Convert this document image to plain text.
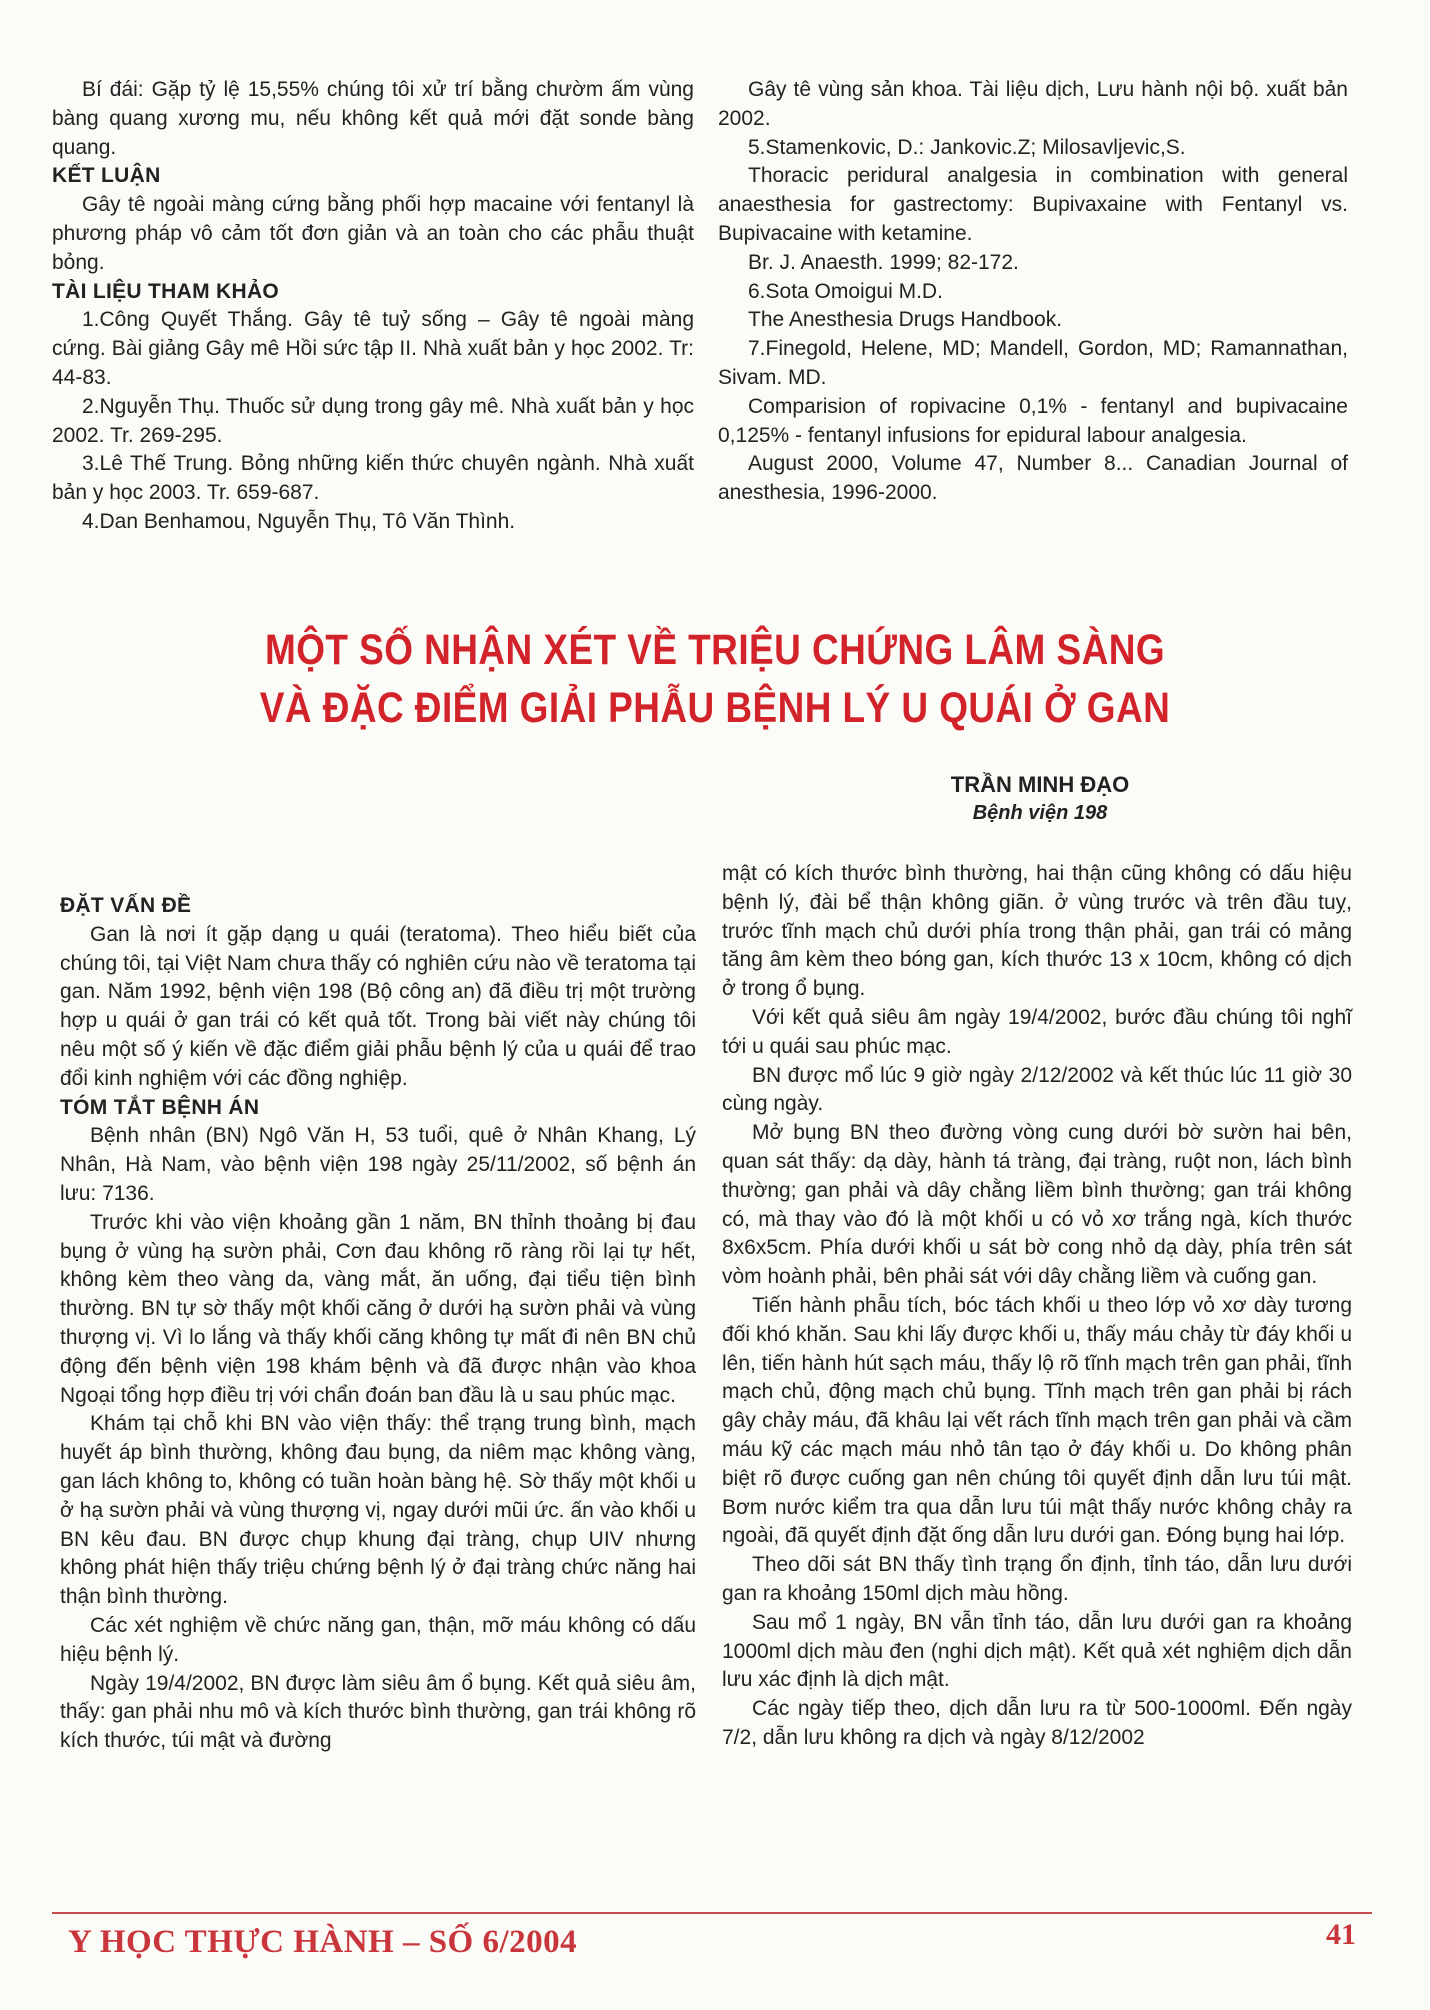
Bí đái: Gặp tỷ lệ 15,55% chúng tôi xử trí bằng chườm ấm vùng bàng quang xương mu, nếu không kết quả mới đặt sonde bàng quang.

KẾT LUẬN

Gây tê ngoài màng cứng bằng phối hợp macaine với fentanyl là phương pháp vô cảm tốt đơn giản và an toàn cho các phẫu thuật bỏng.

TÀI LIỆU THAM KHẢO

1.Công Quyết Thắng. Gây tê tuỷ sống – Gây tê ngoài màng cứng. Bài giảng Gây mê Hồi sức tập II. Nhà xuất bản y học 2002. Tr: 44-83.

2.Nguyễn Thụ. Thuốc sử dụng trong gây mê. Nhà xuất bản y học 2002. Tr. 269-295.

3.Lê Thế Trung. Bỏng những kiến thức chuyên ngành. Nhà xuất bản y học 2003. Tr. 659-687.

4.Dan Benhamou, Nguyễn Thụ, Tô Văn Thình.

Gây tê vùng sản khoa. Tài liệu dịch, Lưu hành nội bộ. xuất bản 2002.

5.Stamenkovic, D.: Jankovic.Z; Milosavljevic,S.

Thoracic peridural analgesia in combination with general anaesthesia for gastrectomy: Bupivaxaine with Fentanyl vs. Bupivacaine with ketamine.

Br. J. Anaesth. 1999; 82-172.

6.Sota Omoigui M.D.

The Anesthesia Drugs Handbook.

7.Finegold, Helene, MD; Mandell, Gordon, MD; Ramannathan, Sivam. MD.

Comparision of ropivacine 0,1% - fentanyl and bupivacaine 0,125% - fentanyl infusions for epidural labour analgesia.

August 2000, Volume 47, Number 8... Canadian Journal of anesthesia, 1996-2000.

MỘT SỐ NHẬN XÉT VỀ TRIỆU CHỨNG LÂM SÀNG
VÀ ĐẶC ĐIỂM GIẢI PHẪU BỆNH LÝ U QUÁI Ở GAN
TRẦN MINH ĐẠO
Bệnh viện 198

ĐẶT VẤN ĐỀ

Gan là nơi ít gặp dạng u quái (teratoma). Theo hiểu biết của chúng tôi, tại Việt Nam chưa thấy có nghiên cứu nào về teratoma tại gan. Năm 1992, bệnh viện 198 (Bộ công an) đã điều trị một trường hợp u quái ở gan trái có kết quả tốt. Trong bài viết này chúng tôi nêu một số ý kiến về đặc điểm giải phẫu bệnh lý của u quái để trao đổi kinh nghiệm với các đồng nghiệp.

TÓM TẮT BỆNH ÁN

Bệnh nhân (BN) Ngô Văn H, 53 tuổi, quê ở Nhân Khang, Lý Nhân, Hà Nam, vào bệnh viện 198 ngày 25/11/2002, số bệnh án lưu: 7136.

Trước khi vào viện khoảng gần 1 năm, BN thỉnh thoảng bị đau bụng ở vùng hạ sườn phải, Cơn đau không rõ ràng rồi lại tự hết, không kèm theo vàng da, vàng mắt, ăn uống, đại tiểu tiện bình thường. BN tự sờ thấy một khối căng ở dưới hạ sườn phải và vùng thượng vị. Vì lo lắng và thấy khối căng không tự mất đi nên BN chủ động đến bệnh viện 198 khám bệnh và đã được nhận vào khoa Ngoại tổng hợp điều trị với chẩn đoán ban đầu là u sau phúc mạc.

Khám tại chỗ khi BN vào viện thấy: thể trạng trung bình, mạch huyết áp bình thường, không đau bụng, da niêm mạc không vàng, gan lách không to, không có tuần hoàn bàng hệ. Sờ thấy một khối u ở hạ sườn phải và vùng thượng vị, ngay dưới mũi ức. ấn vào khối u BN kêu đau. BN được chụp khung đại tràng, chụp UIV nhưng không phát hiện thấy triệu chứng bệnh lý ở đại tràng chức năng hai thận bình thường.

Các xét nghiệm về chức năng gan, thận, mỡ máu không có dấu hiệu bệnh lý.

Ngày 19/4/2002, BN được làm siêu âm ổ bụng. Kết quả siêu âm, thấy: gan phải nhu mô và kích thước bình thường, gan trái không rõ kích thước, túi mật và đường

mật có kích thước bình thường, hai thận cũng không có dấu hiệu bệnh lý, đài bể thận không giãn. ở vùng trước và trên đầu tuỵ, trước tĩnh mạch chủ dưới phía trong thận phải, gan trái có mảng tăng âm kèm theo bóng gan, kích thước 13 x 10cm, không có dịch ở trong ổ bụng.

Với kết quả siêu âm ngày 19/4/2002, bước đầu chúng tôi nghĩ tới u quái sau phúc mạc.

BN được mổ lúc 9 giờ ngày 2/12/2002 và kết thúc lúc 11 giờ 30 cùng ngày.

Mở bụng BN theo đường vòng cung dưới bờ sườn hai bên, quan sát thấy: dạ dày, hành tá tràng, đại tràng, ruột non, lách bình thường; gan phải và dây chằng liềm bình thường; gan trái không có, mà thay vào đó là một khối u có vỏ xơ trắng ngà, kích thước 8x6x5cm. Phía dưới khối u sát bờ cong nhỏ dạ dày, phía trên sát vòm hoành phải, bên phải sát với dây chằng liềm và cuống gan.

Tiến hành phẫu tích, bóc tách khối u theo lớp vỏ xơ dày tương đối khó khăn. Sau khi lấy được khối u, thấy máu chảy từ đáy khối u lên, tiến hành hút sạch máu, thấy lộ rõ tĩnh mạch trên gan phải, tĩnh mạch chủ, động mạch chủ bụng. Tĩnh mạch trên gan phải bị rách gây chảy máu, đã khâu lại vết rách tĩnh mạch trên gan phải và cầm máu kỹ các mạch máu nhỏ tân tạo ở đáy khối u. Do không phân biệt rõ được cuống gan nên chúng tôi quyết định dẫn lưu túi mật. Bơm nước kiểm tra qua dẫn lưu túi mật thấy nước không chảy ra ngoài, đã quyết định đặt ống dẫn lưu dưới gan. Đóng bụng hai lớp.

Theo dõi sát BN thấy tình trạng ổn định, tỉnh táo, dẫn lưu dưới gan ra khoảng 150ml dịch màu hồng.

Sau mổ 1 ngày, BN vẫn tỉnh táo, dẫn lưu dưới gan ra khoảng 1000ml dịch màu đen (nghi dịch mật). Kết quả xét nghiệm dịch dẫn lưu xác định là dịch mật.

Các ngày tiếp theo, dịch dẫn lưu ra từ 500-1000ml. Đến ngày 7/2, dẫn lưu không ra dịch và ngày 8/12/2002

Y HỌC THỰC HÀNH – SỐ 6/2004	41
